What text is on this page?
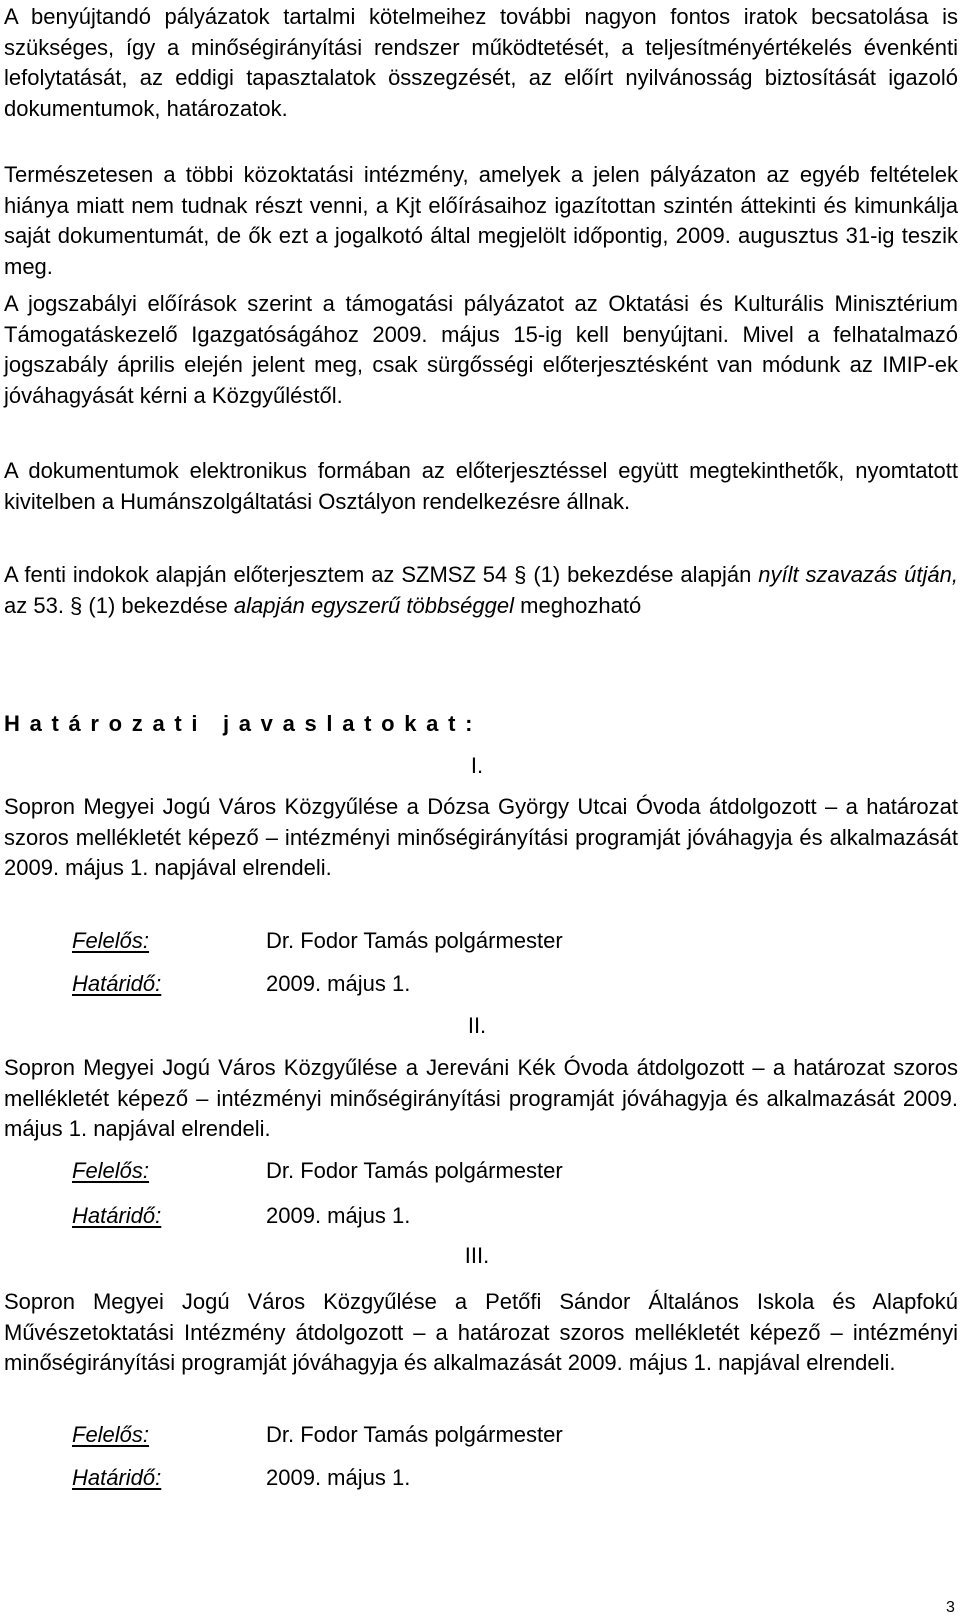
A benyújtandó pályázatok tartalmi kötelmeihez további nagyon fontos iratok becsatolása is szükséges, így a minőségirányítási rendszer működtetését, a teljesítményértékelés évenkénti lefolytatását, az eddigi tapasztalatok összegzését, az előírt nyilvánosság biztosítását igazoló dokumentumok, határozatok.

Természetesen a többi közoktatási intézmény, amelyek a jelen pályázaton az egyéb feltételek hiánya miatt nem tudnak részt venni, a Kjt előírásaihoz igazítottan szintén áttekinti és kimunkálja saját dokumentumát, de ők ezt a jogalkotó által megjelölt időpontig, 2009. augusztus 31-ig teszik meg.

A jogszabályi előírások szerint a támogatási pályázatot az Oktatási és Kulturális Minisztérium Támogatáskezelő Igazgatóságához 2009. május 15-ig kell benyújtani. Mivel a felhatalmazó jogszabály április elején jelent meg, csak sürgősségi előterjesztésként van módunk az IMIP-ek jóváhagyását kérni a Közgyűléstől.

A dokumentumok elektronikus formában az előterjesztéssel együtt megtekinthetők, nyomtatott kivitelben a Humánszolgáltatási Osztályon rendelkezésre állnak.

A fenti indokok alapján előterjesztem az SZMSZ 54 § (1) bekezdése alapján nyílt szavazás útján, az 53. § (1) bekezdése alapján egyszerű többséggel meghozható

Határozati javaslatokat:

I.

Sopron Megyei Jogú Város Közgyűlése a Dózsa György Utcai Óvoda átdolgozott – a határozat szoros mellékletét képező – intézményi minőségirányítási programját jóváhagyja és alkalmazását 2009. május 1. napjával elrendeli.

Felelős:	Dr. Fodor Tamás polgármester
Határidő:	2009. május 1.

II.

Sopron Megyei Jogú Város Közgyűlése a Jereváni Kék Óvoda átdolgozott – a határozat szoros mellékletét képező – intézményi minőségirányítási programját jóváhagyja és alkalmazását 2009. május 1. napjával elrendeli.

Felelős:	Dr. Fodor Tamás polgármester
Határidő:	2009. május 1.

III.

Sopron Megyei Jogú Város Közgyűlése a Petőfi Sándor Általános Iskola és Alapfokú Művészetoktatási Intézmény átdolgozott – a határozat szoros mellékletét képező – intézményi minőségirányítási programját jóváhagyja és alkalmazását 2009. május 1. napjával elrendeli.

Felelős:	Dr. Fodor Tamás polgármester
Határidő:	2009. május 1.
3
